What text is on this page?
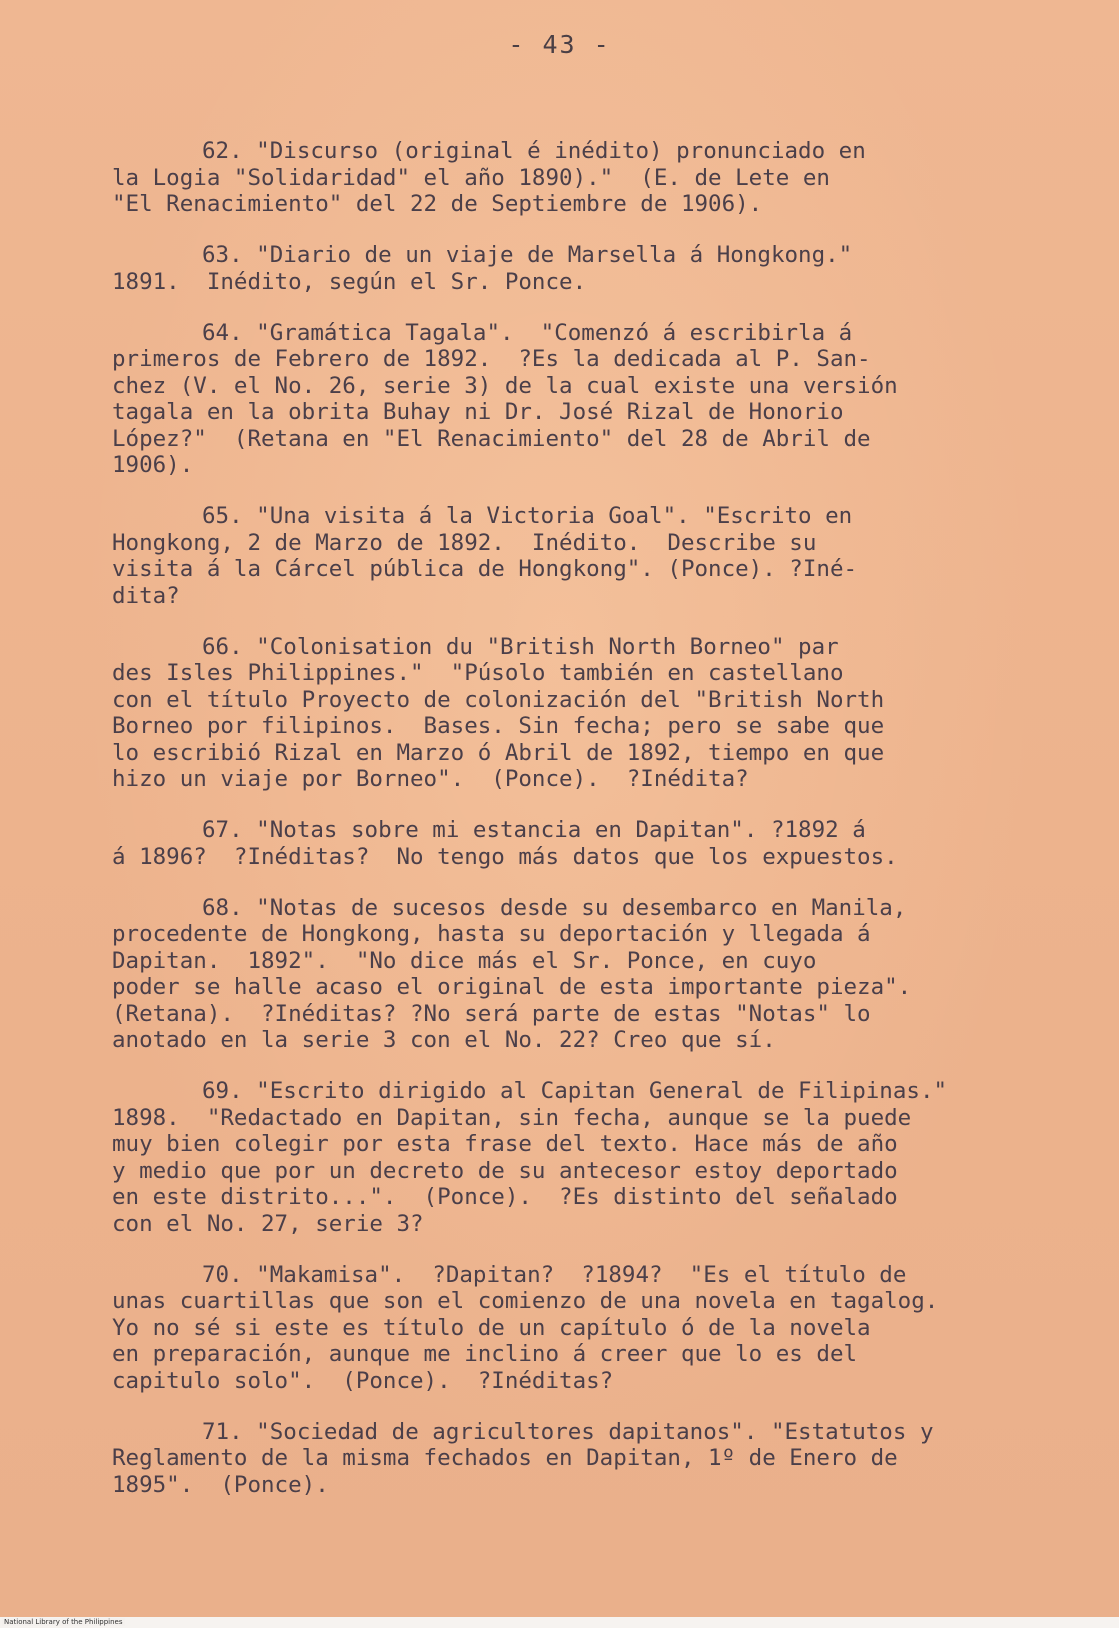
- 43 -
62. "Discurso (original é inédito) pronunciado en
la Logia "Solidaridad" el año 1890)."  (E. de Lete en
"El Renacimiento" del 22 de Septiembre de 1906).
63. "Diario de un viaje de Marsella á Hongkong."
1891.  Inédito, según el Sr. Ponce.
64. "Gramática Tagala".  "Comenzó á escribirla á
primeros de Febrero de 1892.  ?Es la dedicada al P. San-
chez (V. el No. 26, serie 3) de la cual existe una versión
tagala en la obrita Buhay ni Dr. José Rizal de Honorio
López?"  (Retana en "El Renacimiento" del 28 de Abril de
1906).
65. "Una visita á la Victoria Goal". "Escrito en
Hongkong, 2 de Marzo de 1892.  Inédito.  Describe su
visita á la Cárcel pública de Hongkong". (Ponce). ?Iné-
dita?
66. "Colonisation du "British North Borneo" par
des Isles Philippines."  "Púsolo también en castellano
con el título Proyecto de colonización del "British North
Borneo por filipinos.  Bases. Sin fecha; pero se sabe que
lo escribió Rizal en Marzo ó Abril de 1892, tiempo en que
hizo un viaje por Borneo".  (Ponce).  ?Inédita?
67. "Notas sobre mi estancia en Dapitan". ?1892 á
á 1896?  ?Inéditas?  No tengo más datos que los expuestos.
68. "Notas de sucesos desde su desembarco en Manila,
procedente de Hongkong, hasta su deportación y llegada á
Dapitan.  1892".  "No dice más el Sr. Ponce, en cuyo
poder se halle acaso el original de esta importante pieza".
(Retana).  ?Inéditas? ?No será parte de estas "Notas" lo
anotado en la serie 3 con el No. 22? Creo que sí.
69. "Escrito dirigido al Capitan General de Filipinas."
1898.  "Redactado en Dapitan, sin fecha, aunque se la puede
muy bien colegir por esta frase del texto. Hace más de año
y medio que por un decreto de su antecesor estoy deportado
en este distrito...".  (Ponce).  ?Es distinto del señalado
con el No. 27, serie 3?
70. "Makamisa".  ?Dapitan?  ?1894?  "Es el título de
unas cuartillas que son el comienzo de una novela en tagalog.
Yo no sé si este es título de un capítulo ó de la novela
en preparación, aunque me inclino á creer que lo es del
capitulo solo".  (Ponce).  ?Inéditas?
71. "Sociedad de agricultores dapitanos". "Estatutos y
Reglamento de la misma fechados en Dapitan, 1º de Enero de
1895".  (Ponce).
National Library of the Philippines
